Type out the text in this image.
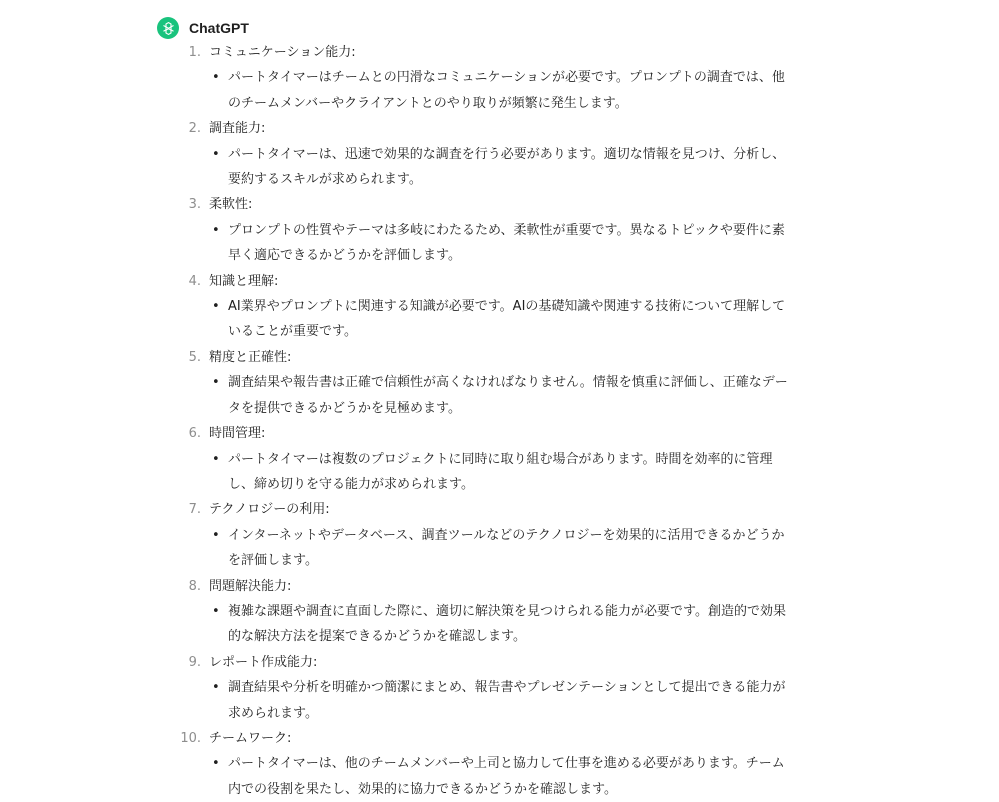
ChatGPT
1. コミュニケーション能力:
• パートタイマーはチームとの円滑なコミュニケーションが必要です。プロンプトの調査では、他のチームメンバーやクライアントとのやり取りが頻繁に発生します。
2. 調査能力:
• パートタイマーは、迅速で効果的な調査を行う必要があります。適切な情報を見つけ、分析し、要約するスキルが求められます。
3. 柔軟性:
• プロンプトの性質やテーマは多岐にわたるため、柔軟性が重要です。異なるトピックや要件に素早く適応できるかどうかを評価します。
4. 知識と理解:
• AI業界やプロンプトに関連する知識が必要です。AIの基礎知識や関連する技術について理解していることが重要です。
5. 精度と正確性:
• 調査結果や報告書は正確で信頼性が高くなければなりません。情報を慎重に評価し、正確なデータを提供できるかどうかを見極めます。
6. 時間管理:
• パートタイマーは複数のプロジェクトに同時に取り組む場合があります。時間を効率的に管理し、締め切りを守る能力が求められます。
7. テクノロジーの利用:
• インターネットやデータベース、調査ツールなどのテクノロジーを効果的に活用できるかどうかを評価します。
8. 問題解決能力:
• 複雑な課題や調査に直面した際に、適切に解決策を見つけられる能力が必要です。創造的で効果的な解決方法を提案できるかどうかを確認します。
9. レポート作成能力:
• 調査結果や分析を明確かつ簡潔にまとめ、報告書やプレゼンテーションとして提出できる能力が求められます。
10. チームワーク:
• パートタイマーは、他のチームメンバーや上司と協力して仕事を進める必要があります。チーム内での役割を果たし、効果的に協力できるかどうかを確認します。
